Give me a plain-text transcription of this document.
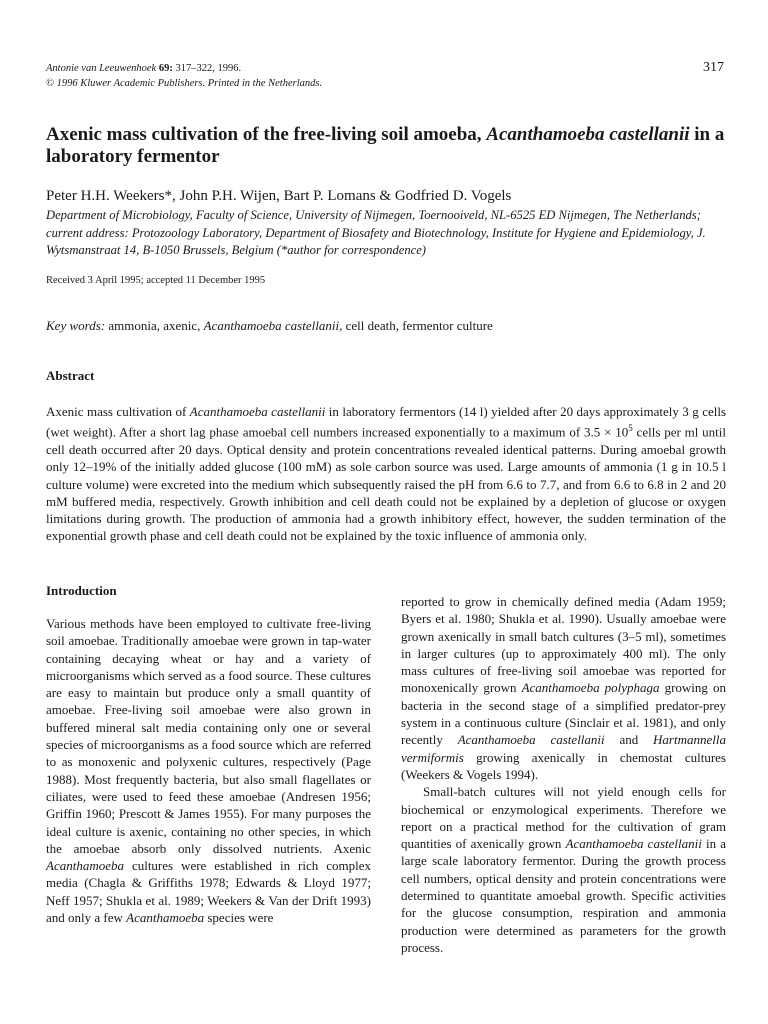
Antonie van Leeuwenhoek 69: 317–322, 1996.
© 1996 Kluwer Academic Publishers. Printed in the Netherlands.
317
Axenic mass cultivation of the free-living soil amoeba, Acanthamoeba castellanii in a laboratory fermentor
Peter H.H. Weekers*, John P.H. Wijen, Bart P. Lomans & Godfried D. Vogels
Department of Microbiology, Faculty of Science, University of Nijmegen, Toernooiveld, NL-6525 ED Nijmegen, The Netherlands; current address: Protozoology Laboratory, Department of Biosafety and Biotechnology, Institute for Hygiene and Epidemiology, J. Wytsmanstraat 14, B-1050 Brussels, Belgium (*author for correspondence)
Received 3 April 1995; accepted 11 December 1995
Key words: ammonia, axenic, Acanthamoeba castellanii, cell death, fermentor culture
Abstract
Axenic mass cultivation of Acanthamoeba castellanii in laboratory fermentors (14 l) yielded after 20 days approximately 3 g cells (wet weight). After a short lag phase amoebal cell numbers increased exponentially to a maximum of $3.5 \times 10^5$ cells per ml until cell death occurred after 20 days. Optical density and protein concentrations revealed identical patterns. During amoebal growth only 12–19% of the initially added glucose (100 mM) as sole carbon source was used. Large amounts of ammonia (1 g in 10.5 l culture volume) were excreted into the medium which subsequently raised the pH from 6.6 to 7.7, and from 6.6 to 6.8 in 2 and 20 mM buffered media, respectively. Growth inhibition and cell death could not be explained by a depletion of glucose or oxygen limitations during growth. The production of ammonia had a growth inhibitory effect, however, the sudden termination of the exponential growth phase and cell death could not be explained by the toxic influence of ammonia only.
Introduction

Various methods have been employed to cultivate free-living soil amoebae. Traditionally amoebae were grown in tap-water containing decaying wheat or hay and a variety of microorganisms which served as a food source. These cultures are easy to maintain but produce only a small quantity of amoebae. Free-living soil amoebae were also grown in buffered mineral salt media containing only one or several species of microorganisms as a food source which are referred to as monoxenic and polyxenic cultures, respectively (Page 1988). Most frequently bacteria, but also small flagellates or ciliates, were used to feed these amoebae (Andresen 1956; Griffin 1960; Prescott & James 1955). For many purposes the ideal culture is axenic, containing no other species, in which the amoebae absorb only dissolved nutrients. Axenic Acanthamoeba cultures were established in rich complex media (Chagla & Griffiths 1978; Edwards & Lloyd 1977; Neff 1957; Shukla et al. 1989; Weekers & Van der Drift 1993) and only a few Acanthamoeba species were

reported to grow in chemically defined media (Adam 1959; Byers et al. 1980; Shukla et al. 1990). Usually amoebae were grown axenically in small batch cultures (3–5 ml), sometimes in larger cultures (up to approximately 400 ml). The only mass cultures of free-living soil amoebae was reported for monoxenically grown Acanthamoeba polyphaga growing on bacteria in the second stage of a simplified predator-prey system in a continuous culture (Sinclair et al. 1981), and only recently Acanthamoeba castellanii and Hartmannella vermiformis growing axenically in chemostat cultures (Weekers & Vogels 1994).

Small-batch cultures will not yield enough cells for biochemical or enzymological experiments. Therefore we report on a practical method for the cultivation of gram quantities of axenically grown Acanthamoeba castellanii in a large scale laboratory fermentor. During the growth process cell numbers, optical density and protein concentrations were determined to quantitate amoebal growth. Specific activities for the glucose consumption, respiration and ammonia production were determined as parameters for the growth process.
